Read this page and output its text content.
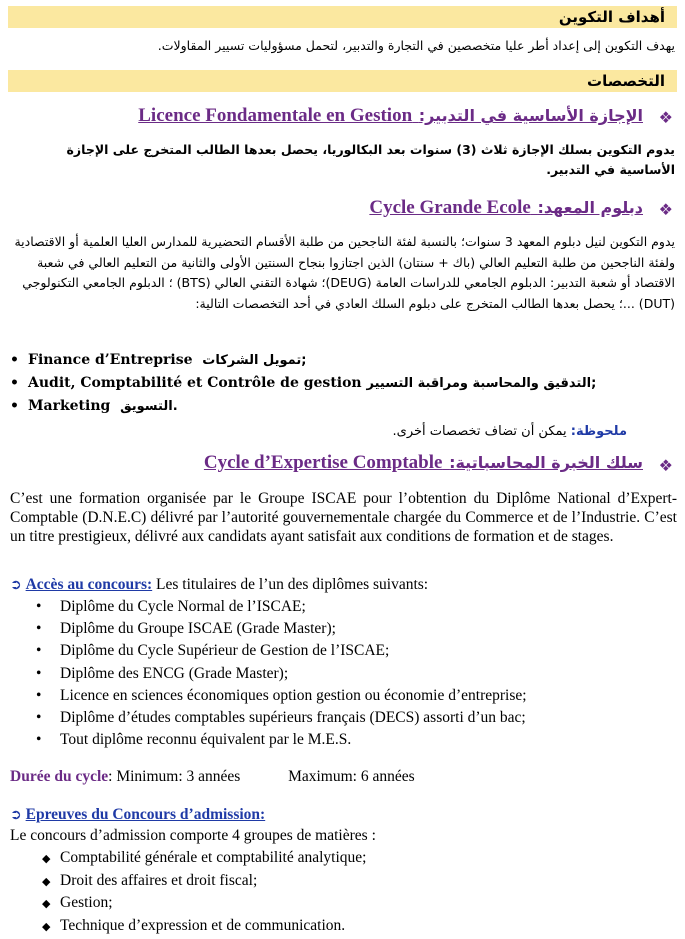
أهداف التكوين
يهدف التكوين إلى إعداد أطر عليا متخصصين في التجارة والتدبير، لتحمل مسؤوليات تسيير المقاولات.
التخصصات
❖
الإجازة الأساسية في التدبير: Licence Fondamentale en Gestion
يدوم التكوين بسلك الإجازة ثلاث (3) سنوات بعد البكالوريا، يحصل بعدها الطالب المتخرج على الإجازة الأساسية في التدبير.
❖
دبلوم المعهد: Cycle Grande Ecole
يدوم التكوين لنيل دبلوم المعهد 3 سنوات؛ بالنسبة لفئة الناجحين من طلبة الأقسام التحضيرية للمدارس العليا العلمية أو الاقتصادية ولفئة الناجحين من طلبة التعليم العالي (باك + سنتان) الذين اجتازوا بنجاح السنتين الأولى والثانية من التعليم العالي في شعبة الاقتصاد أو شعبة التدبير: الدبلوم الجامعي للدراسات العامة (DEUG)؛ شهادة التقني العالي (BTS) ؛ الدبلوم الجامعي التكنولوجي (DUT) ...؛ يحصل بعدها الطالب المتخرج على دبلوم السلك العادي في أحد التخصصات التالية:
• Finance d’Entreprise تمويل الشركات;
• Audit, Comptabilité et Contrôle de gestion التدقيق والمحاسبة ومراقبة التسيير;
• Marketing التسويق.
ملحوظة: يمكن أن تضاف تخصصات أخرى.
❖
سلك الخبرة المحاسباتية: Cycle d’Expertise Comptable
C’est une formation organisée par le Groupe ISCAE pour l’obtention du Diplôme National d’Expert-Comptable (D.N.E.C) délivré par l’autorité gouvernementale chargée du Commerce et de l’Industrie. C’est un titre prestigieux, délivré aux candidats ayant satisfait aux conditions de formation et de stages.
➲ Accès au concours: Les titulaires de l’un des diplômes suivants:
• Diplôme du Cycle Normal de l’ISCAE;
• Diplôme du Groupe ISCAE (Grade Master);
• Diplôme du Cycle Supérieur de Gestion de l’ISCAE;
• Diplôme des ENCG (Grade Master);
• Licence en sciences économiques option gestion ou économie d’entreprise;
• Diplôme d’études comptables supérieurs français (DECS) assorti d’un bac;
• Tout diplôme reconnu équivalent par le M.E.S.
Durée du cycle: Minimum: 3 années	Maximum: 6 années
➲ Epreuves du Concours d’admission:
Le concours d’admission comporte 4 groupes de matières :
◆ Comptabilité générale et comptabilité analytique;
◆ Droit des affaires et droit fiscal;
◆ Gestion;
◆ Technique d’expression et de communication.
